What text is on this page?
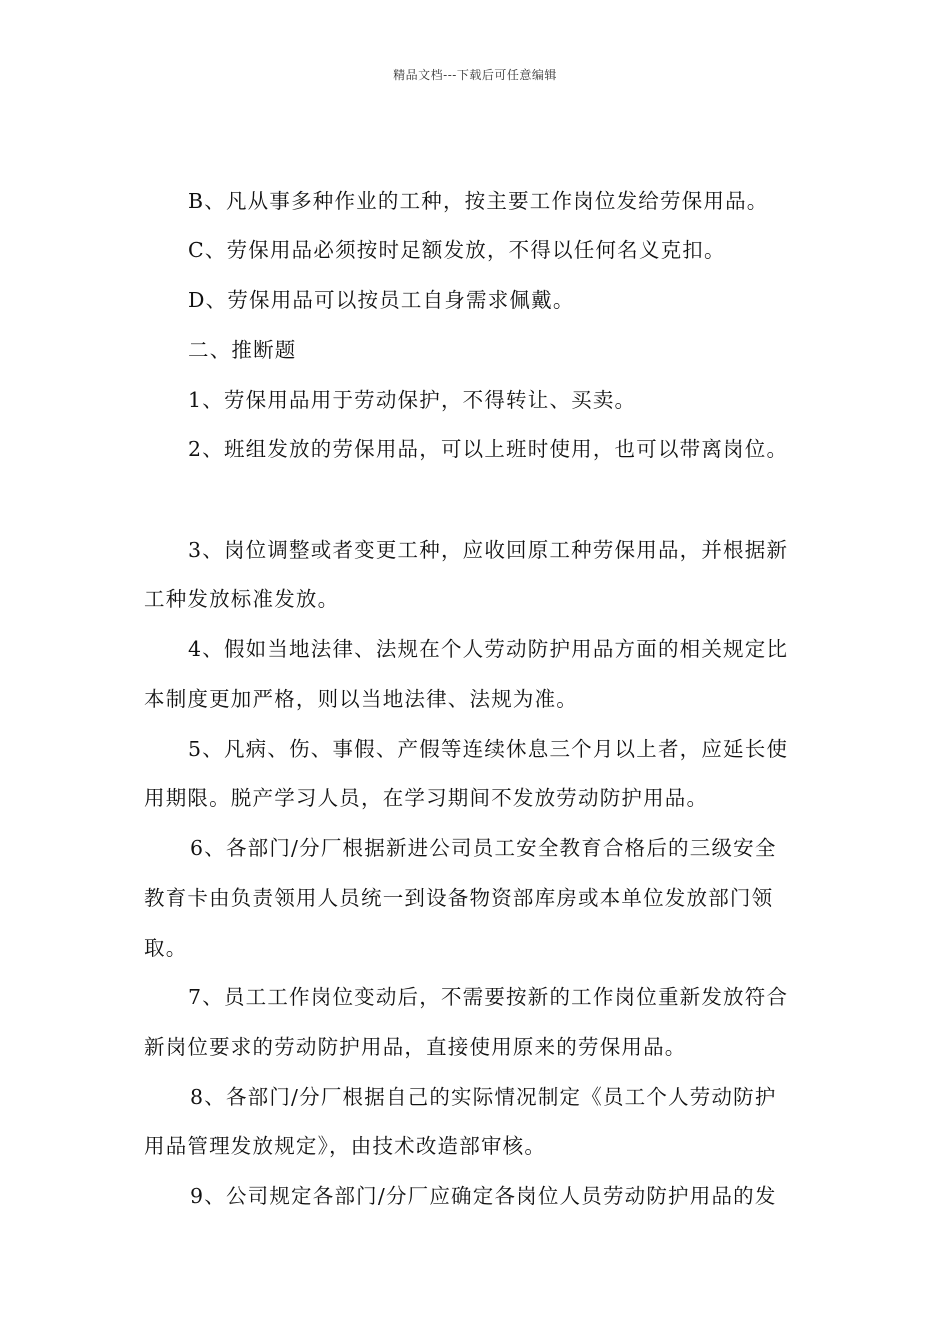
精品文档---下载后可任意编辑
B、凡从事多种作业的工种，按主要工作岗位发给劳保用品。
C、劳保用品必须按时足额发放，不得以任何名义克扣。
D、劳保用品可以按员工自身需求佩戴。
二、推断题
1、劳保用品用于劳动保护，不得转让、买卖。
2、班组发放的劳保用品，可以上班时使用，也可以带离岗位。
3、岗位调整或者变更工种，应收回原工种劳保用品，并根据新
工种发放标准发放。
4、假如当地法律、法规在个人劳动防护用品方面的相关规定比
本制度更加严格，则以当地法律、法规为准。
5、凡病、伤、事假、产假等连续休息三个月以上者，应延长使
用期限。脱产学习人员，在学习期间不发放劳动防护用品。
6、各部门/分厂根据新进公司员工安全教育合格后的三级安全
教育卡由负责领用人员统一到设备物资部库房或本单位发放部门领
取。
7、员工工作岗位变动后，不需要按新的工作岗位重新发放符合
新岗位要求的劳动防护用品，直接使用原来的劳保用品。
8、各部门/分厂根据自己的实际情况制定《员工个人劳动防护
用品管理发放规定》，由技术改造部审核。
9、公司规定各部门/分厂应确定各岗位人员劳动防护用品的发
